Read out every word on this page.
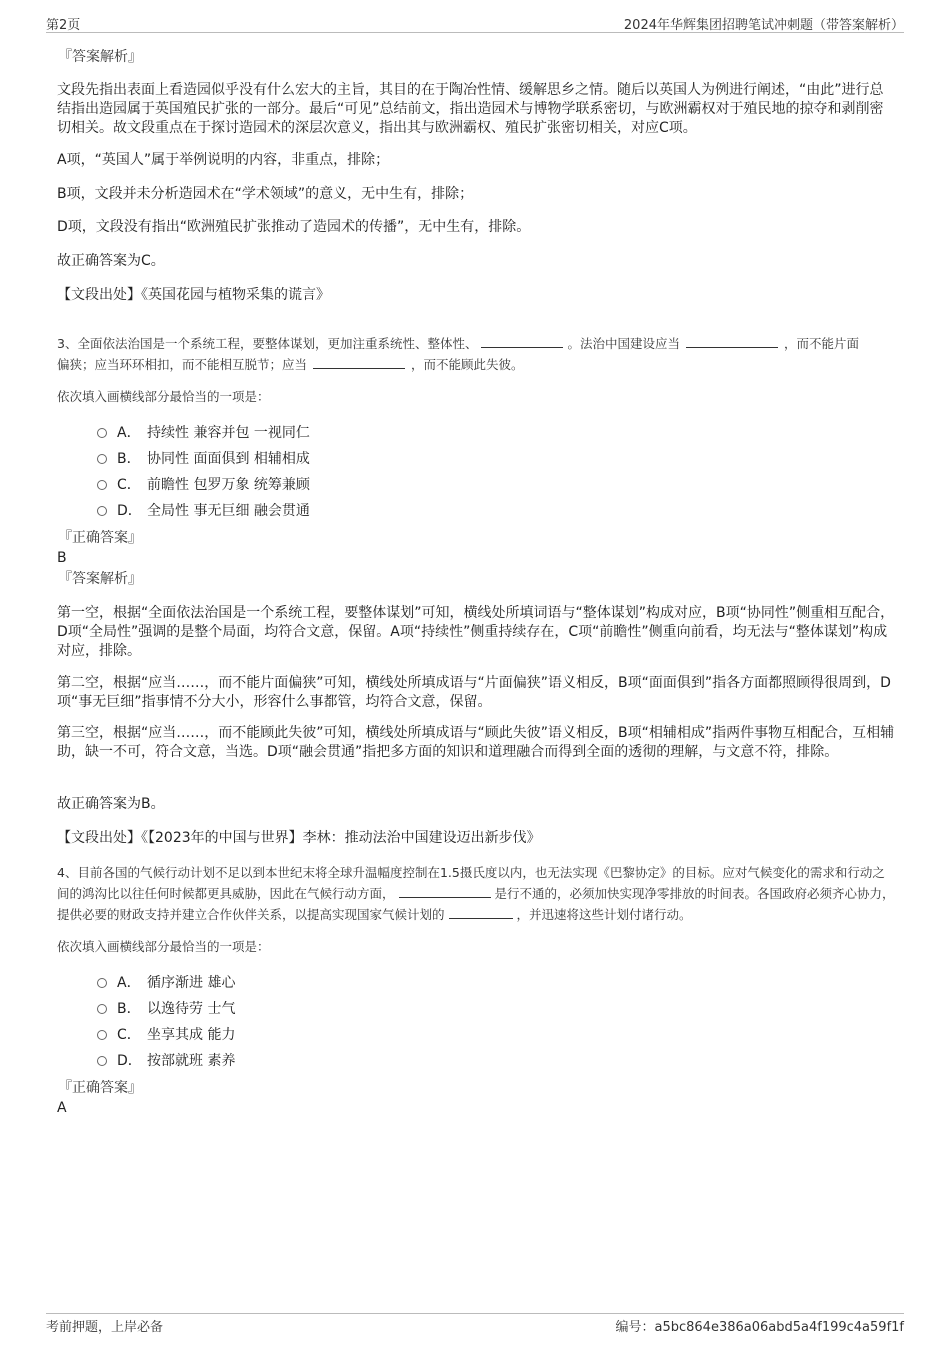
第2页	2024年华辉集团招聘笔试冲刺题（带答案解析）
『答案解析』
文段先指出表面上看造园似乎没有什么宏大的主旨，其目的在于陶冶性情、缓解思乡之情。随后以英国人为例进行阐述，“由此”进行总结指出造园属于英国殖民扩张的一部分。最后“可见”总结前文，指出造园术与博物学联系密切，与欧洲霸权对于殖民地的掠夺和剥削密切相关。故文段重点在于探讨造园术的深层次意义，指出其与欧洲霸权、殖民扩张密切相关，对应C项。
A项，“英国人”属于举例说明的内容，非重点，排除；
B项，文段并未分析造园术在“学术领域”的意义，无中生有，排除；
D项，文段没有指出“欧洲殖民扩张推动了造园术的传播”，无中生有，排除。
故正确答案为C。
【文段出处】《英国花园与植物采集的谎言》
3、全面依法治国是一个系统工程，要整体谋划，更加注重系统性、整体性、	。法治中国建设应当	，而不能片面
偏狭；应当环环相扣，而不能相互脱节；应当	，而不能顾此失彼。
依次填入画横线部分最恰当的一项是：
A． 持续性 兼容并包 一视同仁
B． 协同性 面面俱到 相辅相成
C． 前瞻性 包罗万象 统筹兼顾
D． 全局性 事无巨细 融会贯通
『正确答案』
B
『答案解析』
第一空，根据“全面依法治国是一个系统工程，要整体谋划”可知，横线处所填词语与“整体谋划”构成对应，B项“协同性”侧重相互配合，D项“全局性”强调的是整个局面，均符合文意，保留。A项“持续性”侧重持续存在，C项“前瞻性”侧重向前看，均无法与“整体谋划”构成对应，排除。
第二空，根据“应当……，而不能片面偏狭”可知，横线处所填成语与“片面偏狭”语义相反，B项“面面俱到”指各方面都照顾得很周到，D项“事无巨细”指事情不分大小，形容什么事都管，均符合文意，保留。
第三空，根据“应当……，而不能顾此失彼”可知，横线处所填成语与“顾此失彼”语义相反，B项“相辅相成”指两件事物互相配合，互相辅助，缺一不可，符合文意，当选。D项“融会贯通”指把多方面的知识和道理融合而得到全面的透彻的理解，与文意不符，排除。
故正确答案为B。
【文段出处】《【2023年的中国与世界】李林：推动法治中国建设迈出新步伐》
4、目前各国的气候行动计划不足以到本世纪末将全球升温幅度控制在1.5摄氏度以内，也无法实现《巴黎协定》的目标。应对气候变化的需求和行动之间的鸿沟比以往任何时候都更具威胁，因此在气候行动方面，	是行不通的，必须加快实现净零排放的时间表。各国政府必须齐心协力，提供必要的财政支持并建立合作伙伴关系，以提高实现国家气候计划的	，并迅速将这些计划付诸行动。
依次填入画横线部分最恰当的一项是：
A． 循序渐进 雄心
B． 以逸待劳 士气
C． 坐享其成 能力
D． 按部就班 素养
『正确答案』
A
考前押题，上岸必备	编号：a5bc864e386a06abd5a4f199c4a59f1f
